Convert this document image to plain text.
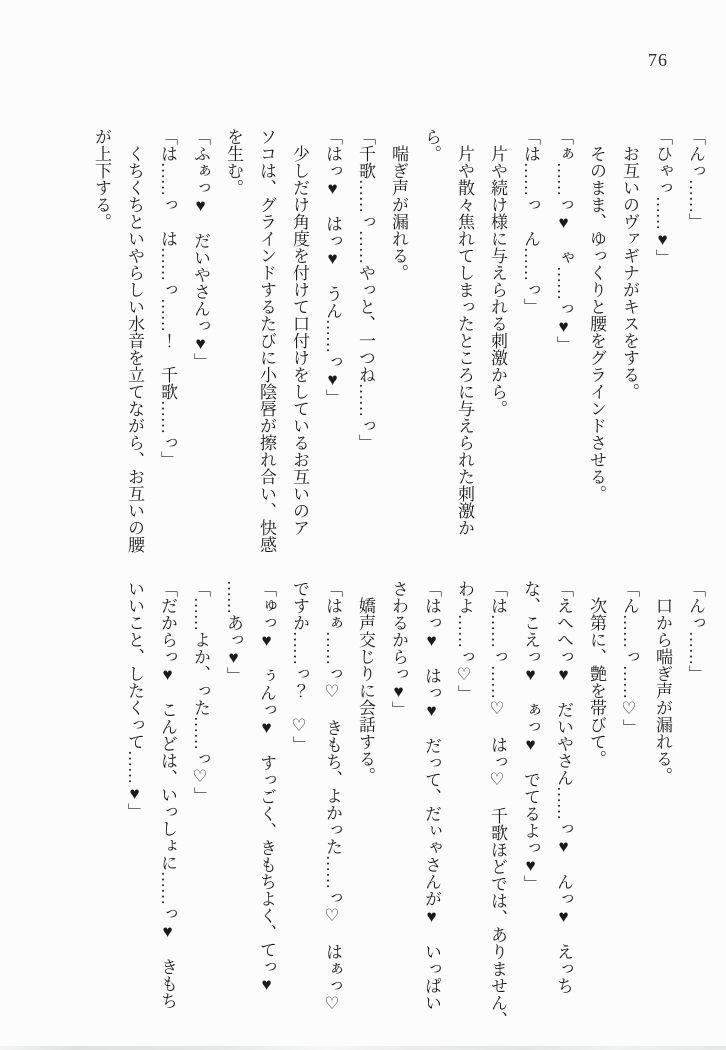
76

「んっ……」

「ひゃっ……♥」

　お互いのヴァギナがキスをする。

　そのまま、ゆっくりと腰をグラインドさせる。

「ぁ……っ♥　ゃ……っ♥」

「は……っ　ん……っ」

　片や続け様に与えられる刺激から。

　片や散々焦れてしまったところに与えられた刺激か

ら。

　喘ぎ声が漏れる。

「千歌……っ……やっと、一つね……っ」

「はっ♥　はっ♥　うん……っ♥」

　少しだけ角度を付けて口付けをしているお互いのア

ソコは、グラインドするたびに小陰唇が擦れ合い、快感

を生む。

「ふぁっ♥　だいやさんっ♥」

「は……っ　は……っ……！　千歌……っ」

　くちくちといやらしい水音を立てながら、お互いの腰

が上下する。

「んっ……」

　口から喘ぎ声が漏れる。

「ん……っ……♡」

　次第に、艶を帯びて。

「えへへっ♥　だいやさん……っ♥　んっ♥　えっち

な、こえっ♥　ぁっ♥　でてるよっ♥」

「は……っ……♡　はっ♡　千歌ほどでは、ありません、

わよ……っ♡」

「はっ♥　はっ♥　だって、だぃゃさんが♥　いっぱい

さわるからっ♥」

　嬌声交じりに会話する。

「はぁ……っ♡　きもち、よかった……っ♡　はぁっ♡

ですか……っ？　♡」

「ゅっ♥　ぅんっ♥　すっごく、きもちよく、てっ♥

……あっ♥」

「……よか、った……っ♡」

「だからっ♥　こんどは、いっしょに……っ♥　きもち

いいこと、したくって……♥」
